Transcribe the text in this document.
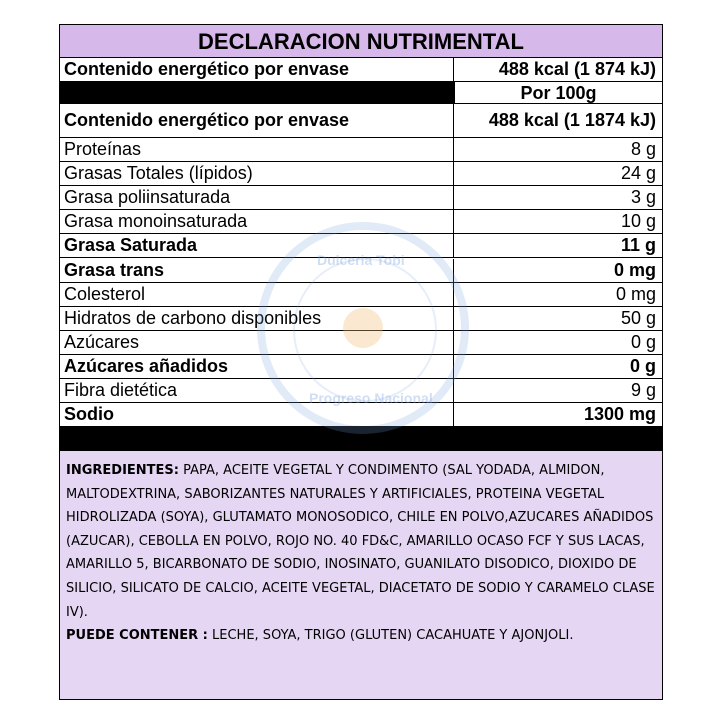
DECLARACION NUTRIMENTAL
Contenido energético por envase	488 kcal (1 874 kJ)
Por 100g
Contenido energético por envase	488 kcal (1 1874 kJ)
Proteínas	8 g
Grasas Totales (lípidos)	24 g
Grasa poliinsaturada	3 g
Grasa monoinsaturada	10 g
Grasa Saturada	11 g
Grasa trans	0 mg
Colesterol	0 mg
Hidratos de carbono disponibles	50 g
Azúcares	0 g
Azúcares añadidos	0 g
Fibra dietética	9 g
Sodio	1300 mg
INGREDIENTES: PAPA, ACEITE VEGETAL Y CONDIMENTO (SAL YODADA, ALMIDON, MALTODEXTRINA, SABORIZANTES NATURALES Y ARTIFICIALES, PROTEINA VEGETAL HIDROLIZADA (SOYA), GLUTAMATO MONOSODICO, CHILE EN POLVO,AZUCARES AÑADIDOS (AZUCAR), CEBOLLA EN POLVO, ROJO NO. 40 FD&C, AMARILLO OCASO FCF Y SUS LACAS, AMARILLO 5, BICARBONATO DE SODIO, INOSINATO, GUANILATO DISODICO, DIOXIDO DE SILICIO, SILICATO DE CALCIO, ACEITE VEGETAL, DIACETATO DE SODIO Y CARAMELO CLASE IV).
PUEDE CONTENER : LECHE, SOYA, TRIGO (GLUTEN) CACAHUATE Y AJONJOLI.
Dulceria Tobi
Progreso Nacional
